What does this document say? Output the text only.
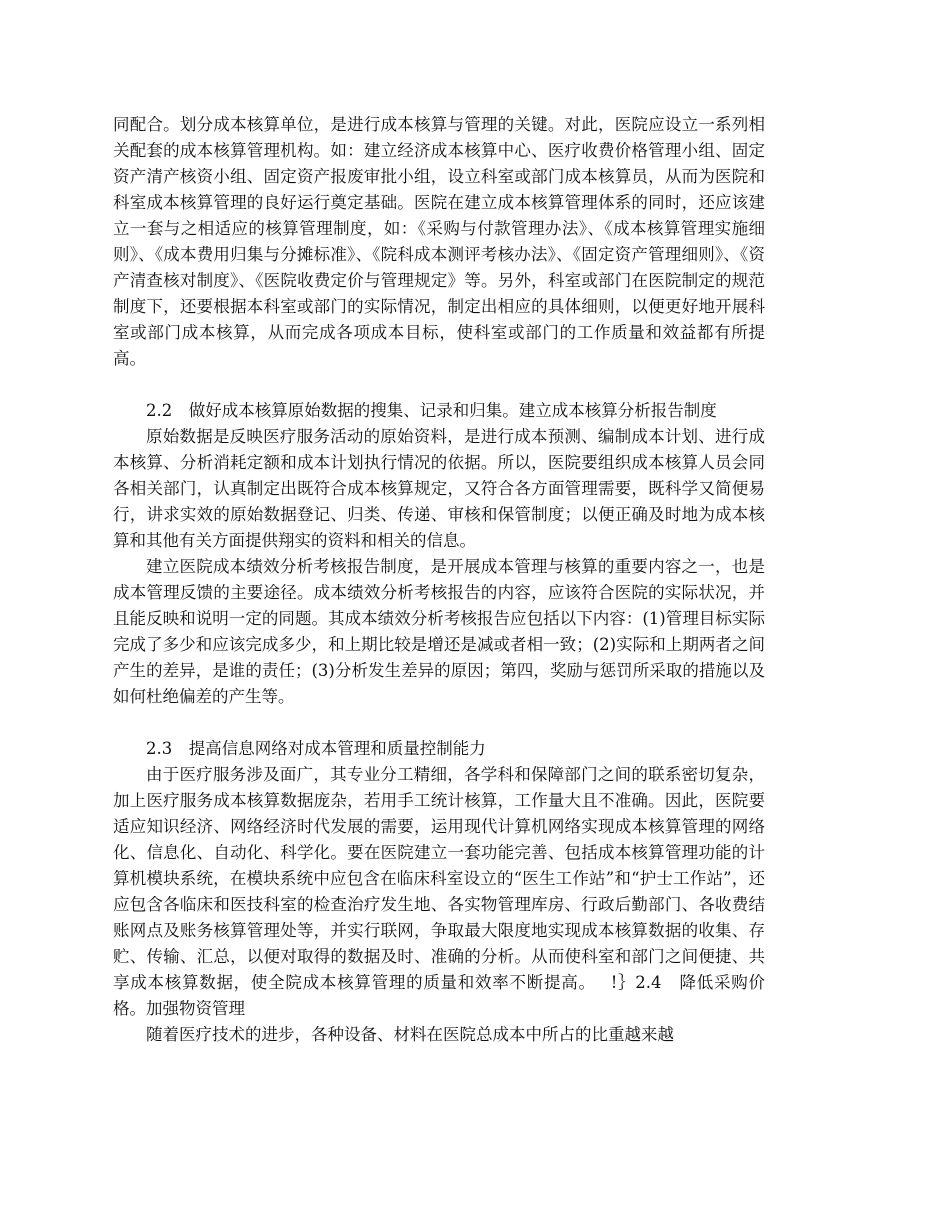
同配合。划分成本核算单位，是进行成本核算与管理的关键。对此，医院应设立一系列相关配套的成本核算管理机构。如：建立经济成本核算中心、医疗收费价格管理小组、固定资产清产核资小组、固定资产报废审批小组，设立科室或部门成本核算员，从而为医院和科室成本核算管理的良好运行奠定基础。医院在建立成本核算管理体系的同时，还应该建立一套与之相适应的核算管理制度，如：《采购与付款管理办法》、《成本核算管理实施细则》、《成本费用归集与分摊标准》、《院科成本测评考核办法》、《固定资产管理细则》、《资产清查核对制度》、《医院收费定价与管理规定》等。另外，科室或部门在医院制定的规范制度下，还要根据本科室或部门的实际情况，制定出相应的具体细则，以便更好地开展科室或部门成本核算，从而完成各项成本目标，使科室或部门的工作质量和效益都有所提高。

2.2　做好成本核算原始数据的搜集、记录和归集。建立成本核算分析报告制度

原始数据是反映医疗服务活动的原始资料，是进行成本预测、编制成本计划、进行成本核算、分析消耗定额和成本计划执行情况的依据。所以，医院要组织成本核算人员会同各相关部门，认真制定出既符合成本核算规定，又符合各方面管理需要，既科学又简便易行，讲求实效的原始数据登记、归类、传递、审核和保管制度；以便正确及时地为成本核算和其他有关方面提供翔实的资料和相关的信息。

建立医院成本绩效分析考核报告制度，是开展成本管理与核算的重要内容之一，也是成本管理反馈的主要途径。成本绩效分析考核报告的内容，应该符合医院的实际状况，并且能反映和说明一定的同题。其成本绩效分析考核报告应包括以下内容：(1)管理目标实际完成了多少和应该完成多少，和上期比较是增还是减或者相一致；(2)实际和上期两者之间产生的差异，是谁的责任；(3)分析发生差异的原因；第四，奖励与惩罚所采取的措施以及如何杜绝偏差的产生等。

2.3　提高信息网络对成本管理和质量控制能力

由于医疗服务涉及面广，其专业分工精细，各学科和保障部门之间的联系密切复杂，加上医疗服务成本核算数据庞杂，若用手工统计核算，工作量大且不准确。因此，医院要适应知识经济、网络经济时代发展的需要，运用现代计算机网络实现成本核算管理的网络化、信息化、自动化、科学化。要在医院建立一套功能完善、包括成本核算管理功能的计算机模块系统，在模块系统中应包含在临床科室设立的“医生工作站”和“护士工作站”，还应包含各临床和医技科室的检查治疗发生地、各实物管理库房、行政后勤部门、各收费结账网点及账务核算管理处等，并实行联网，争取最大限度地实现成本核算数据的收集、存贮、传输、汇总，以便对取得的数据及时、准确的分析。从而使科室和部门之间便捷、共享成本核算数据，使全院成本核算管理的质量和效率不断提高。　 !｝2.4　降低采购价格。加强物资管理

随着医疗技术的进步，各种设备、材料在医院总成本中所占的比重越来越
